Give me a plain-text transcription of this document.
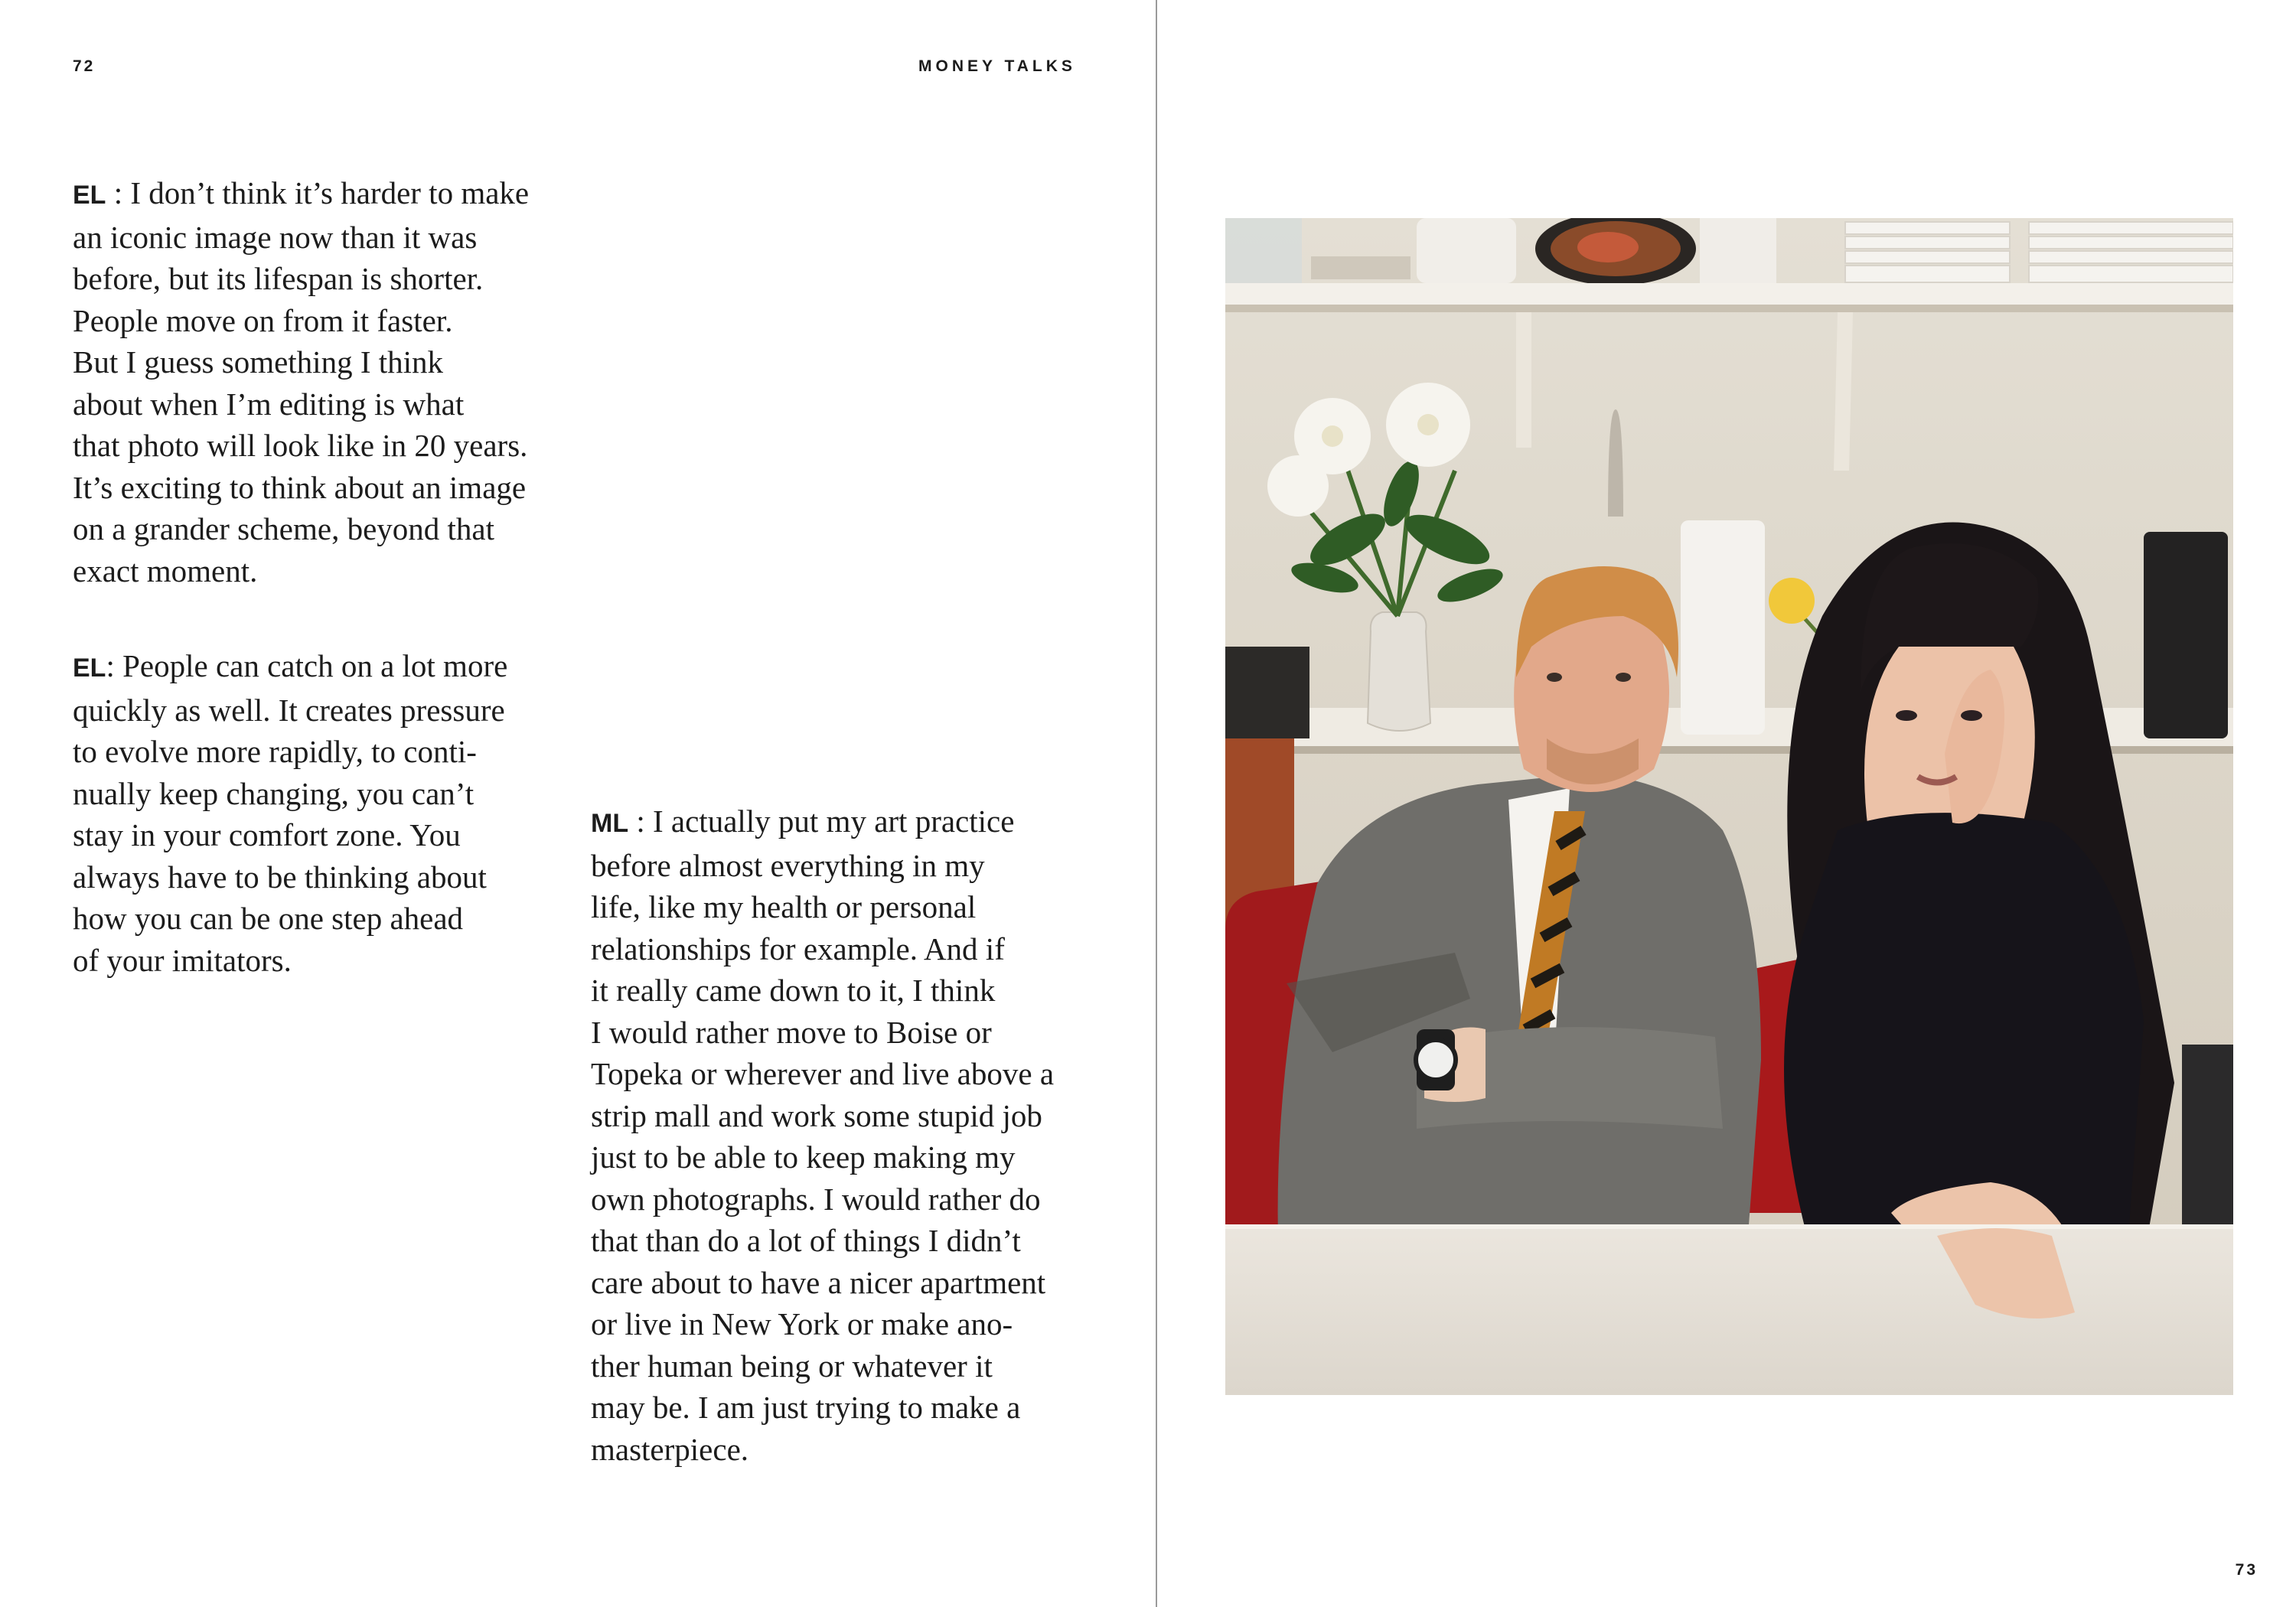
72	MONEY TALKS

EL : I don’t think it’s harder to make
an iconic image now than it was
before, but its lifespan is shorter.
People move on from it faster.
But I guess something I think
about when I’m editing is what
that photo will look like in 20 years.
It’s exciting to think about an image
on a grander scheme, beyond that
exact moment.

EL: People can catch on a lot more
quickly as well. It creates pressure
to evolve more rapidly, to conti-
nually keep changing, you can’t
stay in your comfort zone. You
always have to be thinking about
how you can be one step ahead
of your imitators.

ML : I actually put my art practice
before almost everything in my
life, like my health or personal
relationships for example. And if
it really came down to it, I think
I would rather move to Boise or
Topeka or wherever and live above a
strip mall and work some stupid job
just to be able to keep making my
own photographs. I would rather do
that than do a lot of things I didn’t
care about to have a nicer apartment
or live in New York or make ano-
ther human being or whatever it
may be. I am just trying to make a
masterpiece.

73
